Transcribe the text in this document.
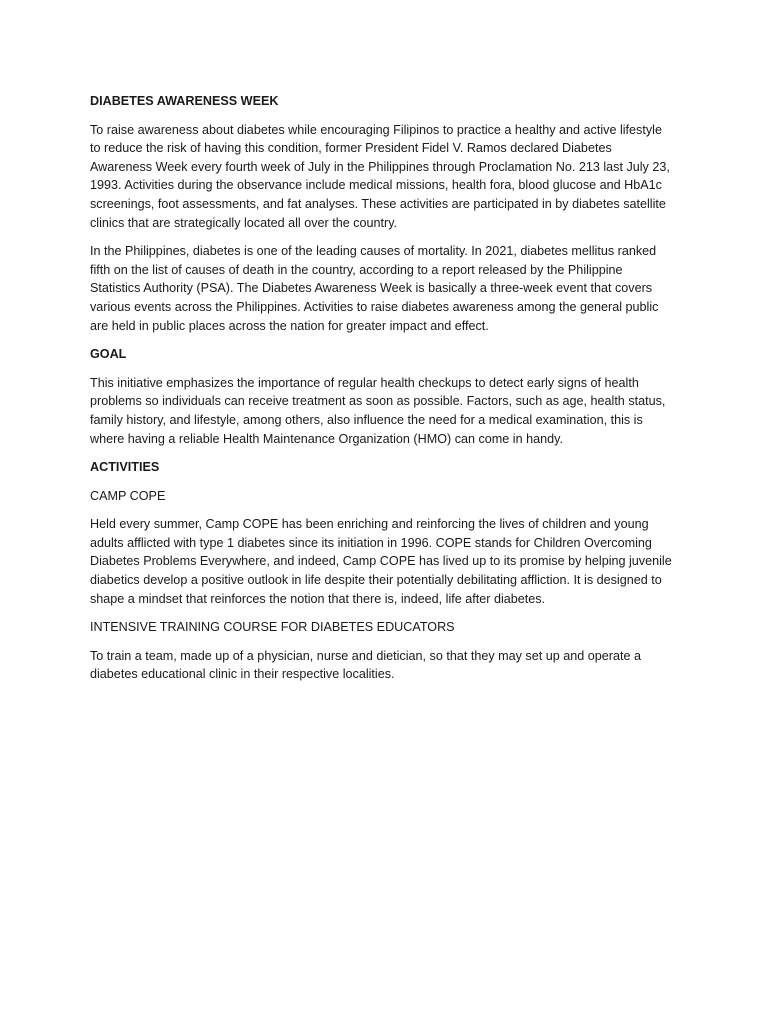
DIABETES AWARENESS WEEK
To raise awareness about diabetes while encouraging Filipinos to practice a healthy and active lifestyle
to reduce the risk of having this condition, former President Fidel V. Ramos declared Diabetes
Awareness Week every fourth week of July in the Philippines through Proclamation No. 213 last July 23,
1993. Activities during the observance include medical missions, health fora, blood glucose and HbA1c
screenings, foot assessments, and fat analyses. These activities are participated in by diabetes satellite
clinics that are strategically located all over the country.
In the Philippines, diabetes is one of the leading causes of mortality. In 2021, diabetes mellitus ranked
fifth on the list of causes of death in the country, according to a report released by the Philippine
Statistics Authority (PSA). The Diabetes Awareness Week is basically a three-week event that covers
various events across the Philippines. Activities to raise diabetes awareness among the general public
are held in public places across the nation for greater impact and effect.
GOAL
This initiative emphasizes the importance of regular health checkups to detect early signs of health
problems so individuals can receive treatment as soon as possible. Factors, such as age, health status,
family history, and lifestyle, among others, also influence the need for a medical examination, this is
where having a reliable Health Maintenance Organization (HMO) can come in handy.
ACTIVITIES
CAMP COPE
Held every summer, Camp COPE has been enriching and reinforcing the lives of children and young
adults afflicted with type 1 diabetes since its initiation in 1996. COPE stands for Children Overcoming
Diabetes Problems Everywhere, and indeed, Camp COPE has lived up to its promise by helping juvenile
diabetics develop a positive outlook in life despite their potentially debilitating affliction. It is designed to
shape a mindset that reinforces the notion that there is, indeed, life after diabetes.
INTENSIVE TRAINING COURSE FOR DIABETES EDUCATORS
To train a team, made up of a physician, nurse and dietician, so that they may set up and operate a
diabetes educational clinic in their respective localities.
